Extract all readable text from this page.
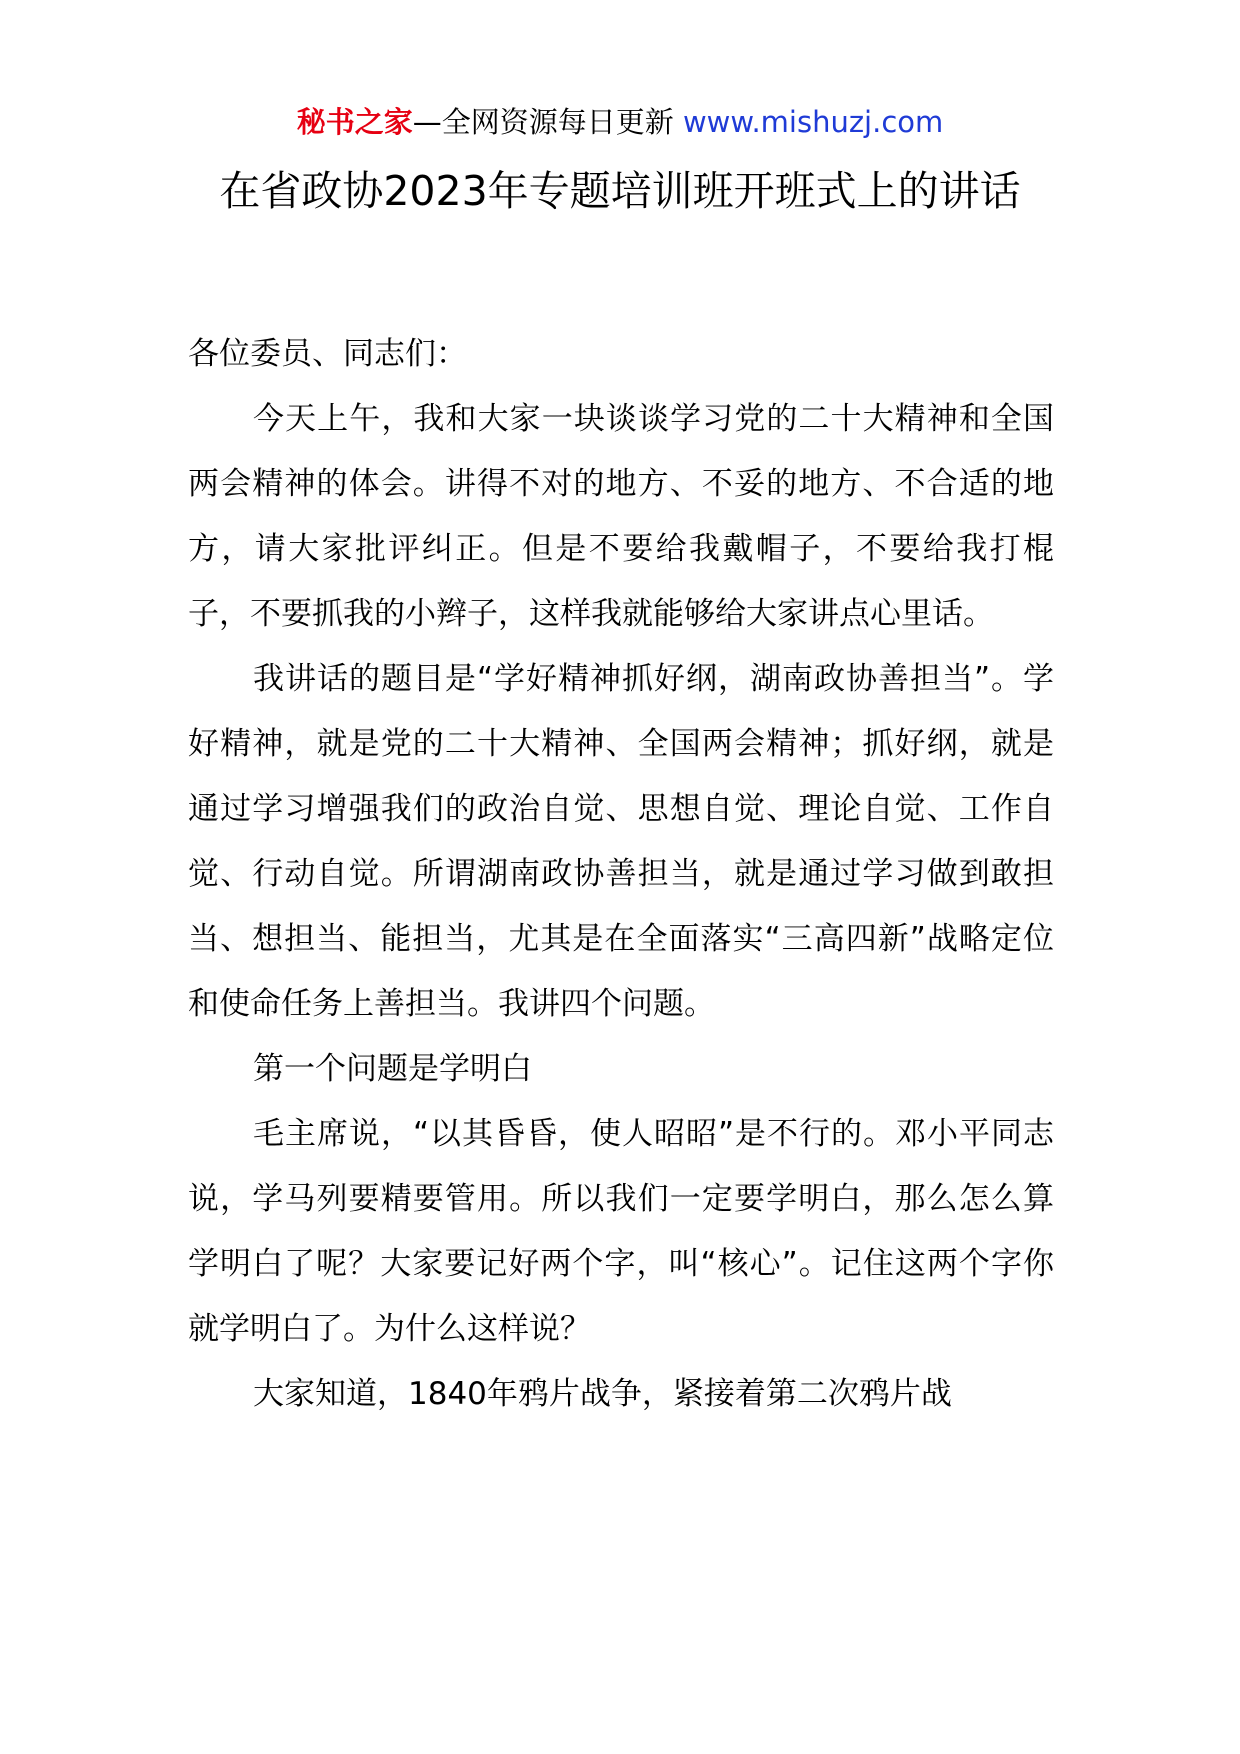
秘书之家—全网资源每日更新 www.mishuzj.com
在省政协2023年专题培训班开班式上的讲话

各位委员、同志们：

今天上午，我和大家一块谈谈学习党的二十大精神和全国两会精神的体会。讲得不对的地方、不妥的地方、不合适的地方，请大家批评纠正。但是不要给我戴帽子，不要给我打棍子，不要抓我的小辫子，这样我就能够给大家讲点心里话。

我讲话的题目是“学好精神抓好纲，湖南政协善担当”。学好精神，就是党的二十大精神、全国两会精神；抓好纲，就是通过学习增强我们的政治自觉、思想自觉、理论自觉、工作自觉、行动自觉。所谓湖南政协善担当，就是通过学习做到敢担当、想担当、能担当，尤其是在全面落实“三高四新”战略定位和使命任务上善担当。我讲四个问题。

第一个问题是学明白

毛主席说，“以其昏昏，使人昭昭”是不行的。邓小平同志说，学马列要精要管用。所以我们一定要学明白，那么怎么算学明白了呢？大家要记好两个字，叫“核心”。记住这两个字你就学明白了。为什么这样说？

大家知道，1840年鸦片战争，紧接着第二次鸦片战
